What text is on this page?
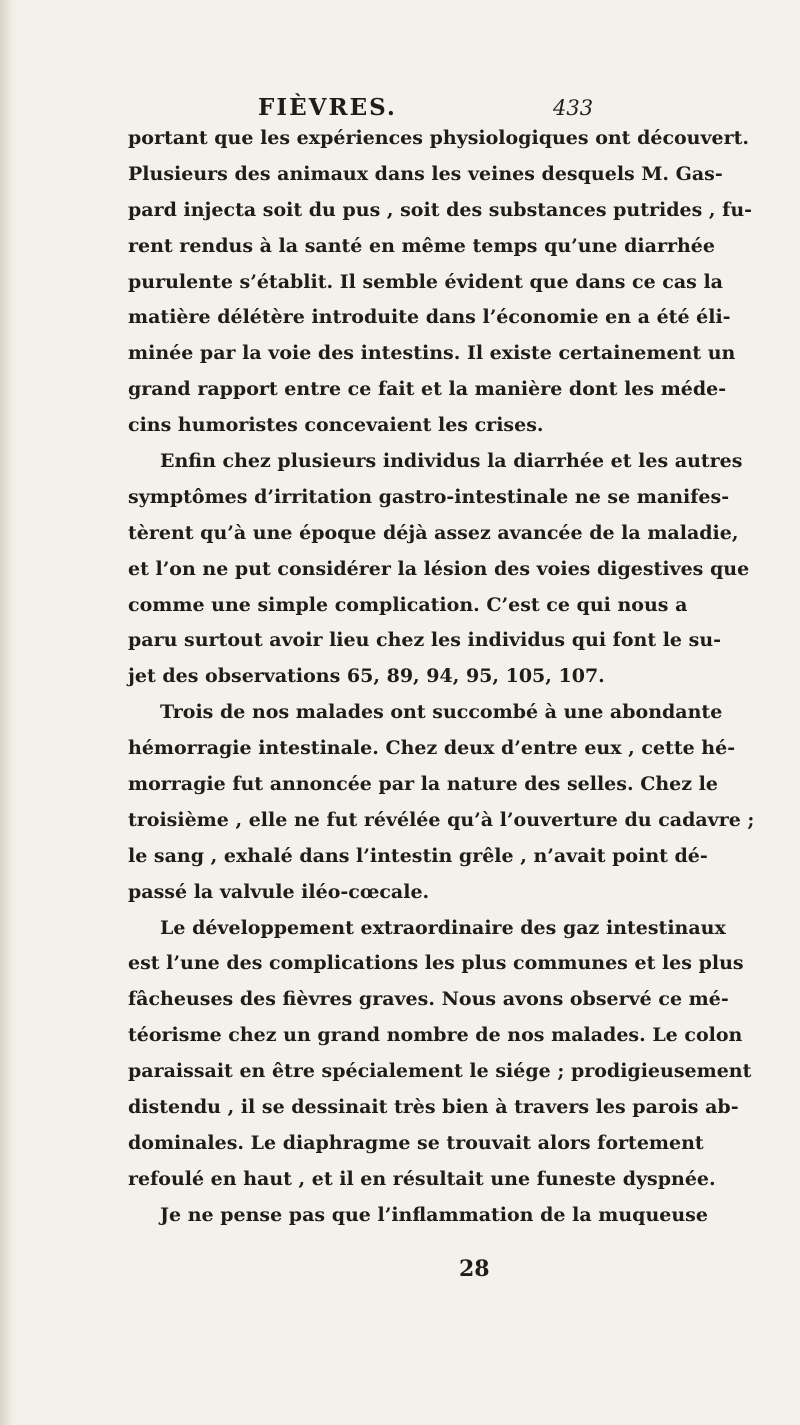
FIÈVRES.	433
portant que les expériences physiologiques ont découvert.
Plusieurs des animaux dans les veines desquels M. Gas-
pard injecta soit du pus , soit des substances putrides , fu-
rent rendus à la santé en même temps qu’une diarrhée
purulente s’établit. Il semble évident que dans ce cas la
matière délétère introduite dans l’économie en a été éli-
minée par la voie des intestins. Il existe certainement un
grand rapport entre ce fait et la manière dont les méde-
cins humoristes concevaient les crises.
Enfin chez plusieurs individus la diarrhée et les autres
symptômes d’irritation gastro-intestinale ne se manifes-
tèrent qu’à une époque déjà assez avancée de la maladie,
et l’on ne put considérer la lésion des voies digestives que
comme une simple complication. C’est ce qui nous a
paru surtout avoir lieu chez les individus qui font le su-
jet des observations 65, 89, 94, 95, 105, 107.
Trois de nos malades ont succombé à une abondante
hémorragie intestinale. Chez deux d’entre eux , cette hé-
morragie fut annoncée par la nature des selles. Chez le
troisième , elle ne fut révélée qu’à l’ouverture du cadavre ;
le sang , exhalé dans l’intestin grêle , n’avait point dé-
passé la valvule iléo-cœcale.
Le développement extraordinaire des gaz intestinaux
est l’une des complications les plus communes et les plus
fâcheuses des fièvres graves. Nous avons observé ce mé-
téorisme chez un grand nombre de nos malades. Le colon
paraissait en être spécialement le siége ; prodigieusement
distendu , il se dessinait très bien à travers les parois ab-
dominales. Le diaphragme se trouvait alors fortement
refoulé en haut , et il en résultait une funeste dyspnée.
Je ne pense pas que l’inflammation de la muqueuse
28
